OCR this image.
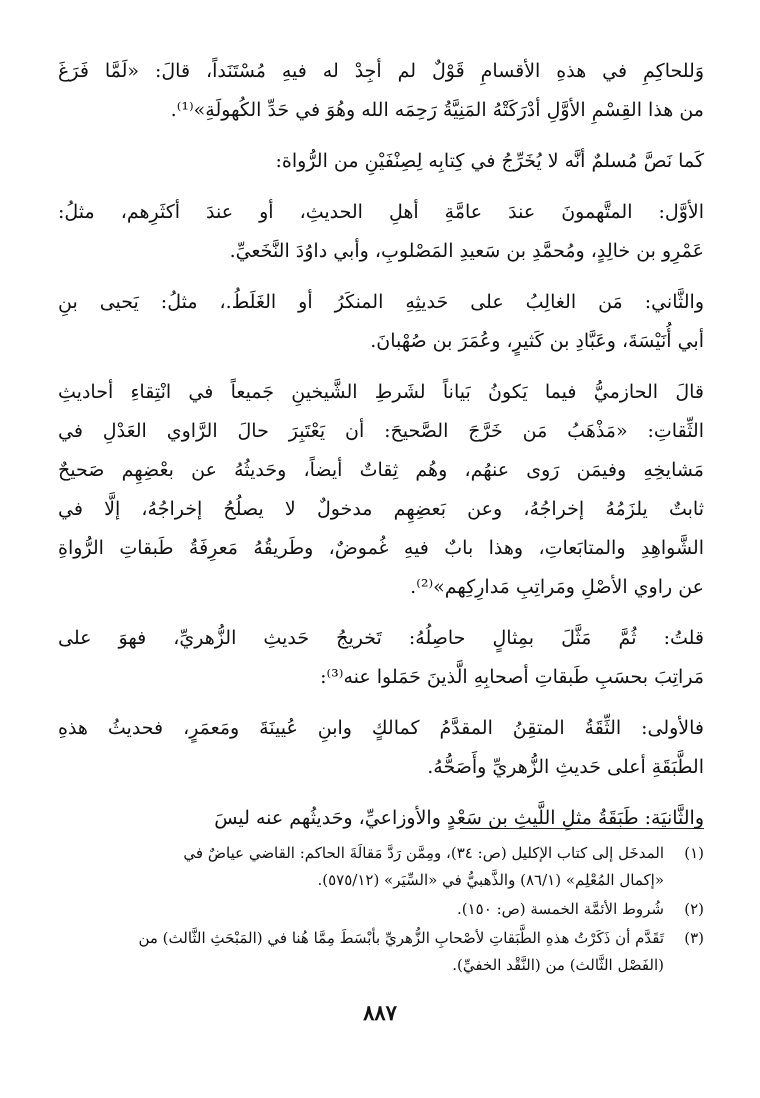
وَللحاكِمِ في هذهِ الأقسامِ قَوْلٌ لم أجِدْ له فيهِ مُسْتَنَداً، قالَ: «لَمَّا فَرَغَ
من هذا القِسْمِ الأوَّلِ أدْرَكَتْهُ المَنِيَّةُ رَحِمَه الله وهُوَ في حَدِّ الكُهولَةِ»⁽¹⁾.

كَما نَصَّ مُسلمٌ أنَّه لا يُخَرِّجُ في كِتابِه لِصِنْفَيْنِ من الرُّواة:

الأوَّل: المتَّهمونَ عندَ عامَّةِ أهلِ الحديثِ، أو عندَ أكثَرِهم، مثلُ:
عَمْرِو بن خالِدٍ، ومُحمَّدِ بن سَعيدِ المَصْلوبِ، وأبي داوُدَ النَّخَعيِّ.

والثَّاني: مَن الغالِبُ على حَديثِهِ المنكَرُ أو الغَلَطُ.، مثلُ: يَحيى بنِ
أبي أُنَيْسَةَ، وعَبَّادِ بن كَثيرٍ، وعُمَرَ بن صُهْبانَ.

قالَ الحازميُّ فيما يَكونُ بَياناً لشَرطِ الشَّيخينِ جَميعاً في انْتِقاءِ أحاديثِ
الثِّقاتِ: «مَذْهَبُ مَن خَرَّجَ الصَّحيحَ: أن يَعْتَبِرَ حالَ الرَّاوي العَدْلِ في
مَشايخِهِ وفيمَن رَوى عنهُم، وهُم ثِقاتٌ أيضاً، وحَديثُهُ عن بعْضِهِم صَحيحٌ
ثابتٌ يلزَمُهُ إخراجُهُ، وعن بَعضِهِم مدخولٌ لا يصلُحُ إخراجُهُ، إلَّا في
الشَّواهِدِ والمتابَعاتِ، وهذا بابٌ فيهِ غُموضٌ، وطَريقُهُ مَعرِفَةُ طَبقاتِ الرُّواةِ
عن راوي الأصْلِ ومَراتِبِ مَدارِكِهم»⁽²⁾.

قلتُ: ثُمَّ مَثَّلَ بمِثالٍ حاصِلُهُ: تَخريجُ حَديثِ الزُّهريِّ، فهوَ على
مَراتِبَ بحسَبِ طَبقاتِ أصحابِهِ الَّذينَ حَمَلوا عنه⁽³⁾:

فالأولى: الثِّقَةُ المتقِنُ المقدَّمُ كمالكٍ وابنِ عُيينَةَ ومَعمَرٍ، فحديثُ هذهِ
الطَّبَقَةِ أعلى حَديثِ الزُّهريِّ وأَصَحُّهُ.

والثَّانيَة: طَبَقَةُ مثلِ اللَّيثِ بن سَعْدٍ والأوزاعيِّ، وحَديثُهم عنه ليسَ

(١)
المدخَل إلى كتاب الإكليل (ص: ٣٤)، ومِمَّن رَدَّ مَقالَةَ الحاكم: القاضي عياضٌ في
«إكمال المُعْلِم» (٨٦/١) والذَّهبيُّ في «السِّيَر» (٥٧٥/١٢).
(٢)
شُروط الأئمَّة الخمسة (ص: ١٥٠).
(٣)
تَقَدَّم أن ذَكَرْتُ هذهِ الطَّبَقاتِ لأصْحابِ الزُّهريِّ بأبْسَطَ مِمَّا هُنا في (المَبْحَثِ الثَّالث) من
(الفَصْل الثَّالث) من (النَّقْد الخفيِّ).
٨٨٧
